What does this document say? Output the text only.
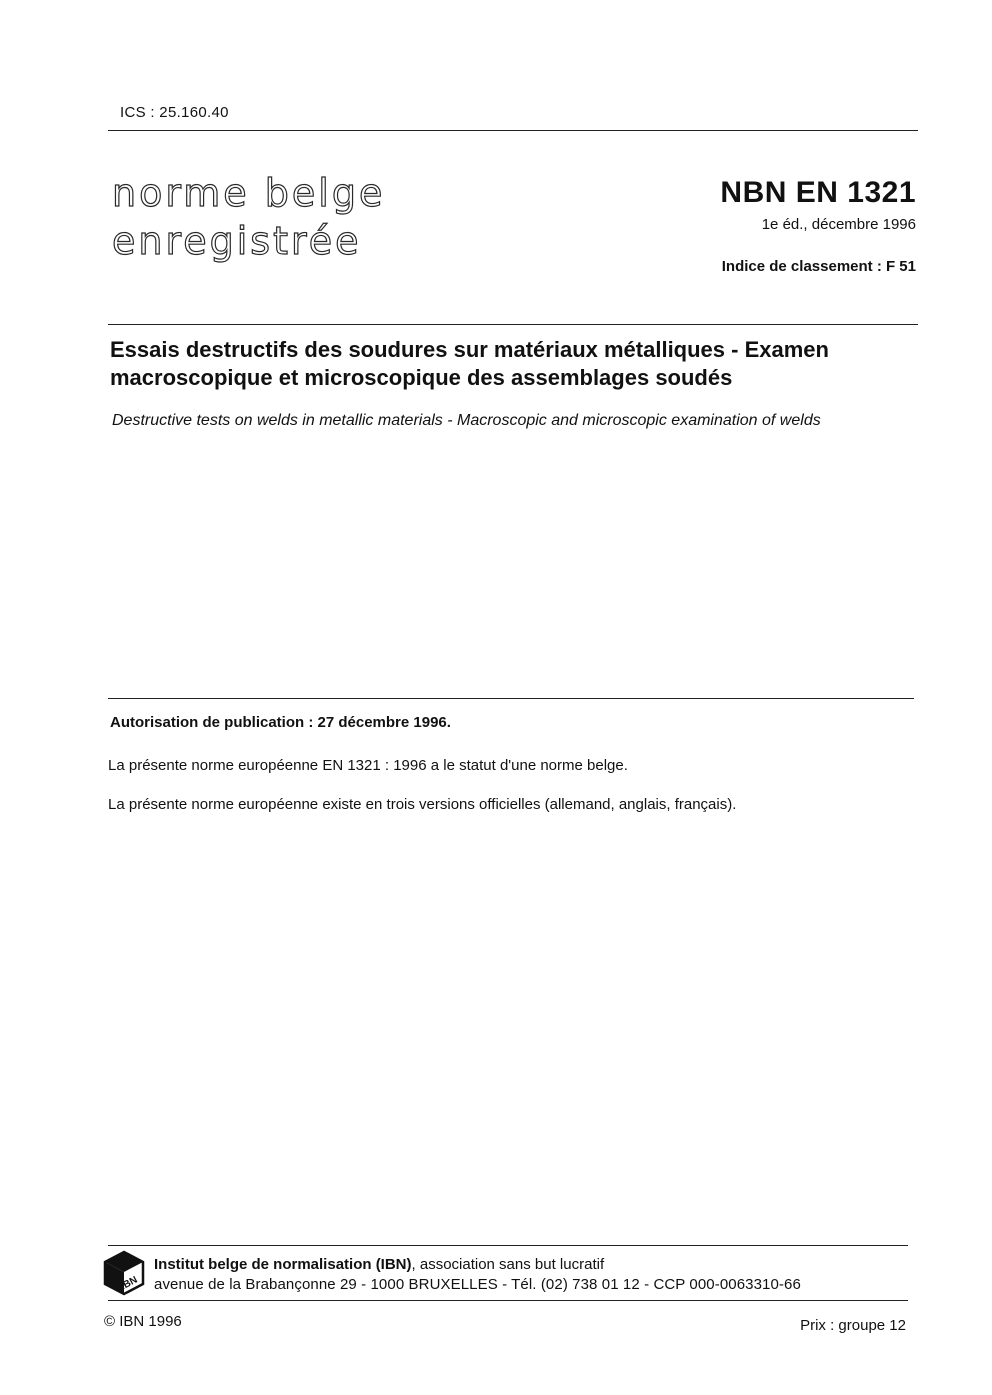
ICS : 25.160.40
norme belge
enregistrée
NBN EN 1321
1e éd., décembre 1996
Indice de classement : F 51
Essais destructifs des soudures sur matériaux métalliques - Examen
macroscopique et microscopique des assemblages soudés
Destructive tests on welds in metallic materials - Macroscopic and microscopic examination of welds
Autorisation de publication : 27 décembre 1996.
La présente norme européenne EN 1321 : 1996 a le statut d'une norme belge.
La présente norme européenne existe en trois versions officielles (allemand, anglais, français).
IBN
Institut belge de normalisation (IBN), association sans but lucratif
avenue de la Brabançonne 29 - 1000 BRUXELLES - Tél. (02) 738 01 12 - CCP 000-0063310-66
© IBN 1996	Prix : groupe 12
